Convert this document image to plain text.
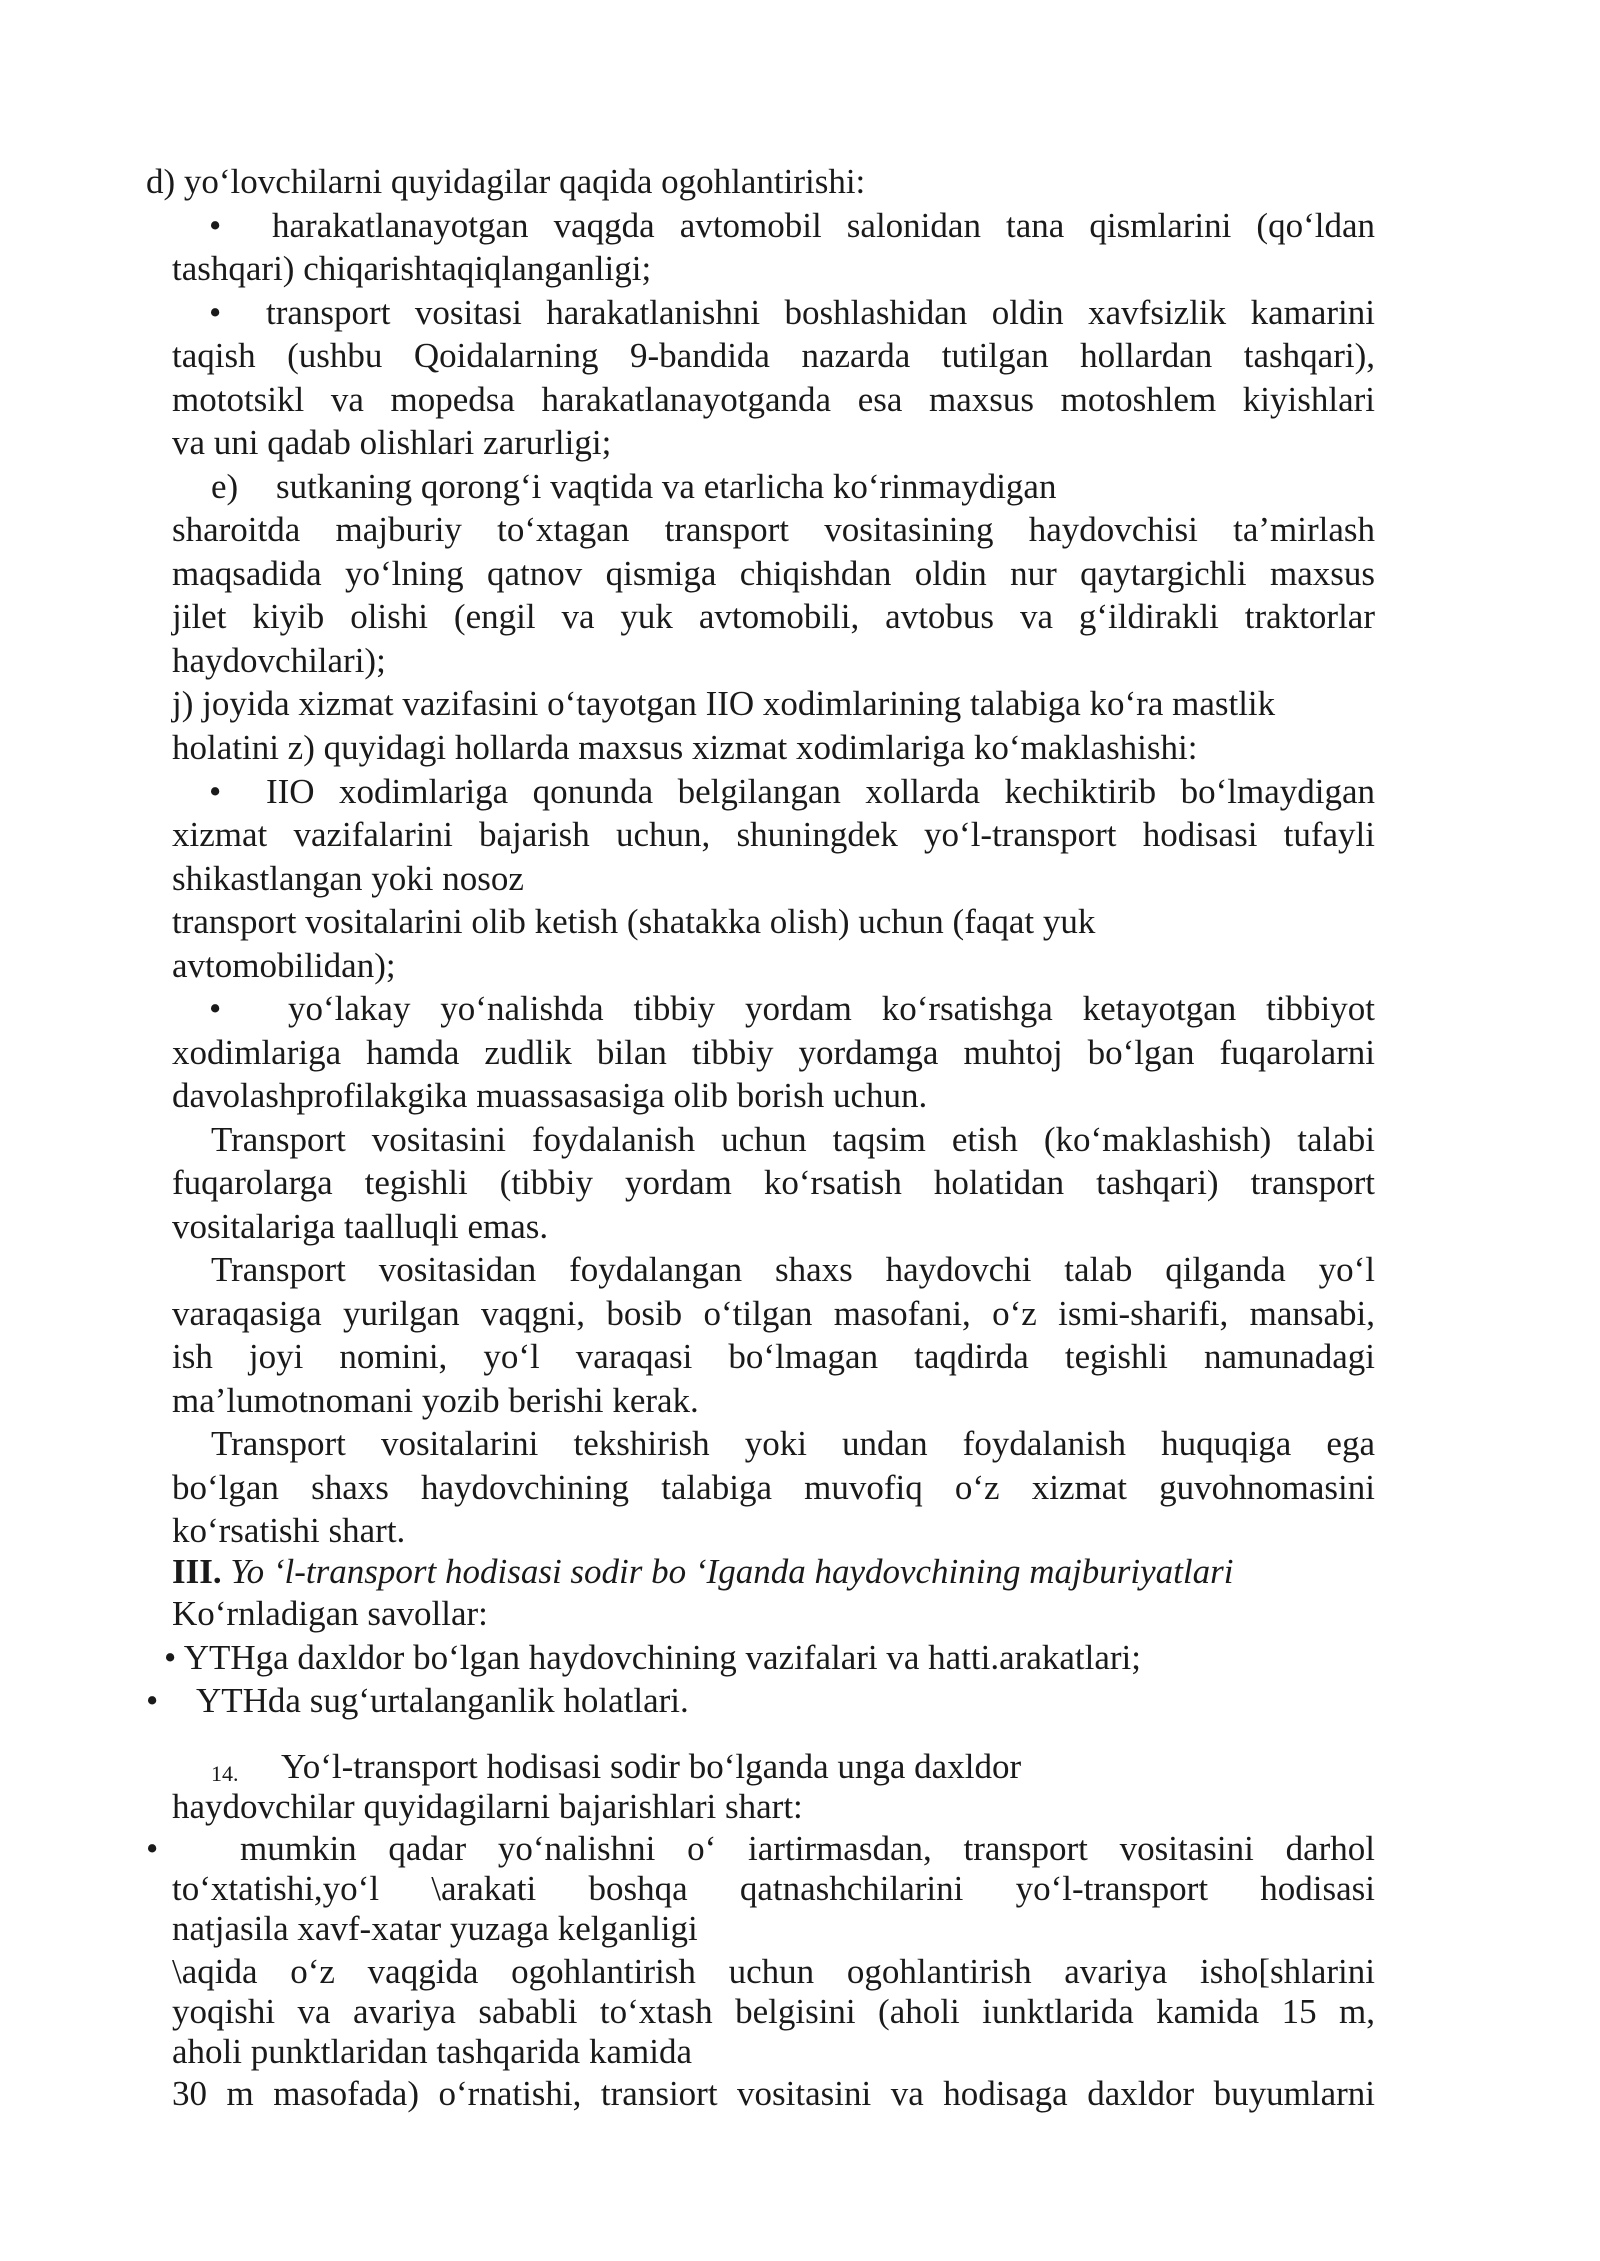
d) yo‘lovchilarni quyidagilar qaqida ogohlantirishi:
• harakatlanayotgan vaqgda avtomobil salonidan tana qismlarini (qo‘ldan
tashqari) chiqarishtaqiqlanganligi;
• transport vositasi harakatlanishni boshlashidan oldin xavfsizlik kamarini
taqish (ushbu Qoidalarning 9-bandida nazarda tutilgan hollardan tashqari),
mototsikl va mopedsa harakatlanayotganda esa maxsus motoshlem kiyishlari
va uni qadab olishlari zarurligi;
e) sutkaning qorong‘i vaqtida va etarlicha ko‘rinmaydigan
sharoitda majburiy to‘xtagan transport vositasining haydovchisi ta’mirlash
maqsadida yo‘lning qatnov qismiga chiqishdan oldin nur qaytargichli maxsus
jilet kiyib olishi (engil va yuk avtomobili, avtobus va g‘ildirakli traktorlar
haydovchilari);
j) joyida xizmat vazifasini o‘tayotgan IIO xodimlarining talabiga ko‘ra mastlik
holatini z) quyidagi hollarda maxsus xizmat xodimlariga ko‘maklashishi:
• IIO xodimlariga qonunda belgilangan xollarda kechiktirib bo‘lmaydigan
xizmat vazifalarini bajarish uchun, shuningdek yo‘l-transport hodisasi tufayli
shikastlangan yoki nosoz
transport vositalarini olib ketish (shatakka olish) uchun (faqat yuk
avtomobilidan);
• yo‘lakay yo‘nalishda tibbiy yordam ko‘rsatishga ketayotgan tibbiyot
xodimlariga hamda zudlik bilan tibbiy yordamga muhtoj bo‘lgan fuqarolarni
davolashprofilakgika muassasasiga olib borish uchun.
Transport vositasini foydalanish uchun taqsim etish (ko‘maklashish) talabi
fuqarolarga tegishli (tibbiy yordam ko‘rsatish holatidan tashqari) transport
vositalariga taalluqli emas.
Transport vositasidan foydalangan shaxs haydovchi talab qilganda yo‘l
varaqasiga yurilgan vaqgni, bosib o‘tilgan masofani, o‘z ismi-sharifi, mansabi,
ish joyi nomini, yo‘l varaqasi bo‘lmagan taqdirda tegishli namunadagi
ma’lumotnomani yozib berishi kerak.
Transport vositalarini tekshirish yoki undan foydalanish huquqiga ega
bo‘lgan shaxs haydovchining talabiga muvofiq o‘z xizmat guvohnomasini
ko‘rsatishi shart.
III. Yo ‘l-transport hodisasi sodir bo ‘Iganda haydovchining majburiyatlari
Ko‘rnladigan savollar:
• YTHga daxldor bo‘lgan haydovchining vazifalari va hatti.arakatlari;
• YTHda sug‘urtalanganlik holatlari.
14. Yo‘l-transport hodisasi sodir bo‘lganda unga daxldor
haydovchilar quyidagilarni bajarishlari shart:
• mumkin qadar yo‘nalishni o‘ iartirmasdan, transport vositasini darhol
to‘xtatishi,yo‘l \arakati boshqa qatnashchilarini yo‘l-transport hodisasi
natjasila xavf-xatar yuzaga kelganligi
\aqida o‘z vaqgida ogohlantirish uchun ogohlantirish avariya isho[shlarini
yoqishi va avariya sababli to‘xtash belgisini (aholi iunktlarida kamida 15 m,
aholi punktlaridan tashqarida kamida
30 m masofada) o‘rnatishi, transiort vositasini va hodisaga daxldor buyumlarni
